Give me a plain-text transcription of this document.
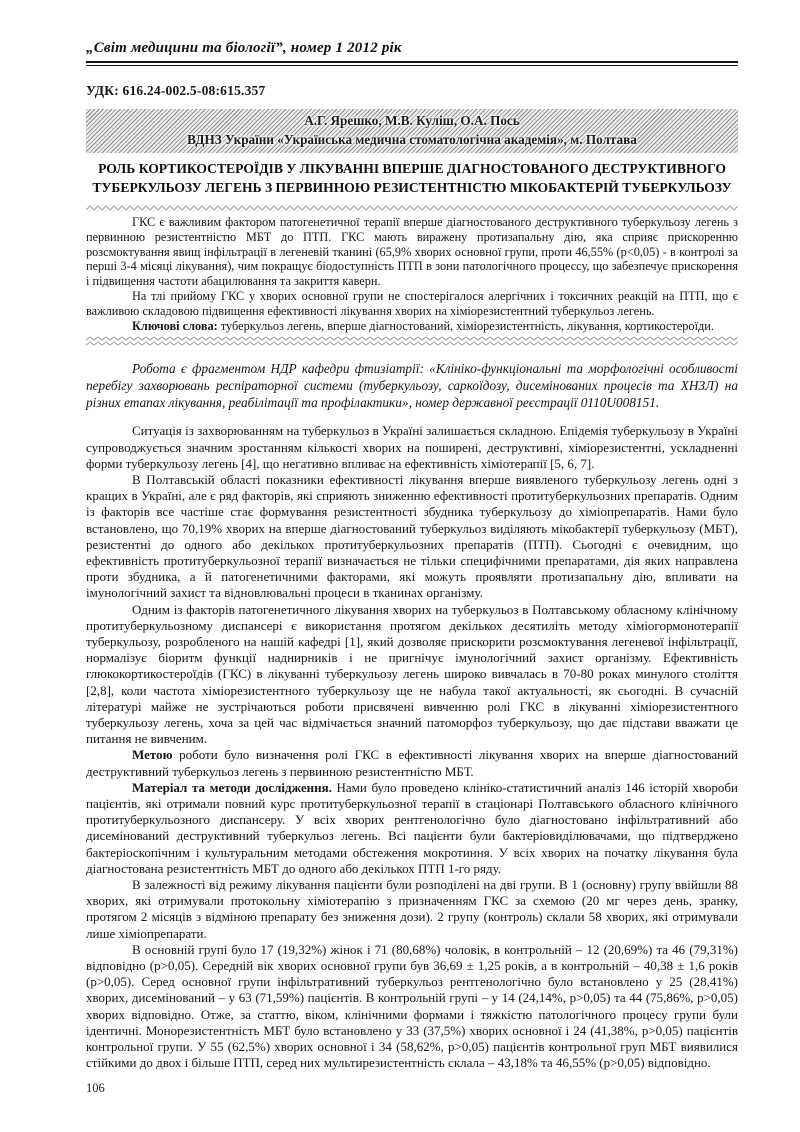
„Світ медицини та біології”, номер 1 2012 рік
УДК: 616.24-002.5-08:615.357
А.Г. Ярешко, М.В. Куліш, О.А. Пось
ВДНЗ України «Українська медична стоматологічна академія», м. Полтава
РОЛЬ КОРТИКОСТЕРОЇДІВ У ЛІКУВАННІ ВПЕРШЕ ДІАГНОСТОВАНОГО ДЕСТРУКТИВНОГО ТУБЕРКУЛЬОЗУ ЛЕГЕНЬ З ПЕРВИННОЮ РЕЗИСТЕНТНІСТЮ МІКОБАКТЕРІЙ ТУБЕРКУЛЬОЗУ

ГКС є важливим фактором патогенетичної терапії вперше діагностованого деструктивного туберкульозу легень з первинною резистентністю МБТ до ПТП. ГКС мають виражену протизапальну дію, яка сприяє прискоренню розсмоктування явищ інфільтрації в легеневій тканині (65,9% хворих основної групи, проти 46,55% (р<0,05) - в контролі за перші 3-4 місяці лікування), чим покращує біодоступність ПТП в зони патологічного процессу, що забезпечує прискорення і підвищення частоти абацилювання та закриття каверн.

На тлі прийому ГКС у хворих основної групи не спостерігалося алергічних і токсичних реакцій на ПТП, що є важливою складовою підвищення ефективності лікування хворих на хіміорезистентний туберкульоз легень.

Ключові слова: туберкульоз легень, вперше діагностований, хіміорезистентність, лікування, кортикостероїди.

Робота є фрагментом НДР кафедри фтизіатрії: «Клініко-функціональні та морфологічні особливості перебігу захворювань респіраторної системи (туберкульозу, саркоїдозу, дисемінованих процесів та ХНЗЛ) на різних етапах лікування, реабілітації та профілактики», номер державної реєстрації 0110U008151.

Ситуація із захворюванням на туберкульоз в Україні залишається складною. Епідемія туберкульозу в Україні супроводжується значним зростанням кількості хворих на поширені, деструктивні, хіміорезистентні, ускладненні форми туберкульозу легень [4], що негативно впливає на ефективність хіміотерапії [5, 6, 7].

В Полтавській області показники ефективності лікування вперше виявленого туберкульозу легень одні з кращих в Україні, але є ряд факторів, які сприяють зниженню ефективності протитуберкульозних препаратів. Одним із факторів все частіше стає формування резистентності збудника туберкульозу до хіміопрепаратів. Нами було встановлено, що 70,19% хворих на вперше діагностований туберкульоз виділяють мікобактерії туберкульозу (МБТ), резистентні до одного або декількох протитуберкульозних препаратів (ПТП). Сьогодні є очевидним, що ефективність протитуберкульозної терапії визначається не тільки специфічними препаратами, дія яких направлена проти збудника, а й патогенетичними факторами, які можуть проявляти протизапальну дію, впливати на імунологічний захист та відновлювальні процеси в тканинах організму.

Одним із факторів патогенетичного лікування хворих на туберкульоз в Полтавському обласному клінічному протитуберкульозному диспансері є використання протягом декількох десятиліть методу хіміогормонотерапії туберкульозу, розробленого на нашій кафедрі [1], який дозволяє прискорити розсмоктування легеневої інфільтрації, нормалізує біоритм функції наднирників і не пригнічує імунологічний захист організму. Ефективність глюкокортикостероїдів (ГКС) в лікуванні туберкульозу легень широко вивчалась в 70-80 роках минулого століття [2,8], коли частота хіміорезистентного туберкульозу ще не набула такої актуальності, як сьогодні. В сучасній літературі майже не зустрічаються роботи присвячені вивченню ролі ГКС в лікуванні хіміорезистентного туберкульозу легень, хоча за цей час відмічається значний патоморфоз туберкульозу, що дає підстави вважати це питання не вивченим.

Метою роботи було визначення ролі ГКС в ефективності лікування хворих на вперше діагностований деструктивний туберкульоз легень з первинною резистентністю МБТ.

Матеріал та методи дослідження. Нами було проведено клініко-статистичний аналіз 146 історій хвороби пацієнтів, які отримали повний курс протитуберкульозної терапії в стаціонарі Полтавського обласного клінічного протитуберкульозного диспансеру. У всіх хворих рентгенологічно було діагностовано інфільтративний або дисемінований деструктивний туберкульоз легень. Всі пацієнти були бактеріовиділювачами, що підтверджено бактеріоскопічним і культуральним методами обстеження мокротиння. У всіх хворих на початку лікування була діагностована резистентність МБТ до одного або декількох ПТП 1-го ряду.

В залежності від режиму лікування пацієнти були розподілені на дві групи. В 1 (основну) групу ввійшли 88 хворих, які отримували протокольну хіміотерапію з призначенням ГКС за схемою (20 мг через день, зранку, протягом 2 місяців з відміною препарату без зниження дози). 2 групу (контроль) склали 58 хворих, які отримували лише хіміопрепарати.

В основній групі було 17 (19,32%) жінок і 71 (80,68%) чоловік, в контрольній – 12 (20,69%) та 46 (79,31%) відповідно (р>0,05). Середній вік хворих основної групи був 36,69 ± 1,25 років, а в контрольній – 40,38 ± 1,6 років (р>0,05). Серед основної групи інфільтративний туберкульоз рентгенологічно було встановлено у 25 (28,41%) хворих, дисемінований – у 63 (71,59%) пацієнтів. В контрольній групі – у 14 (24,14%, р>0,05) та 44 (75,86%, р>0,05) хворих відповідно. Отже, за статтю, віком, клінічними формами і тяжкістю патологічного процесу групи були ідентичні. Монорезистентність МБТ було встановлено у 33 (37,5%) хворих основної і 24 (41,38%, р>0,05) пацієнтів контрольної групи. У 55 (62,5%) хворих основної і 34 (58,62%, р>0,05) пацієнтів контрольної груп МБТ виявилися стійкими до двох і більше ПТП, серед них мультирезистентність склала – 43,18% та 46,55% (р>0,05) відповідно.

106
